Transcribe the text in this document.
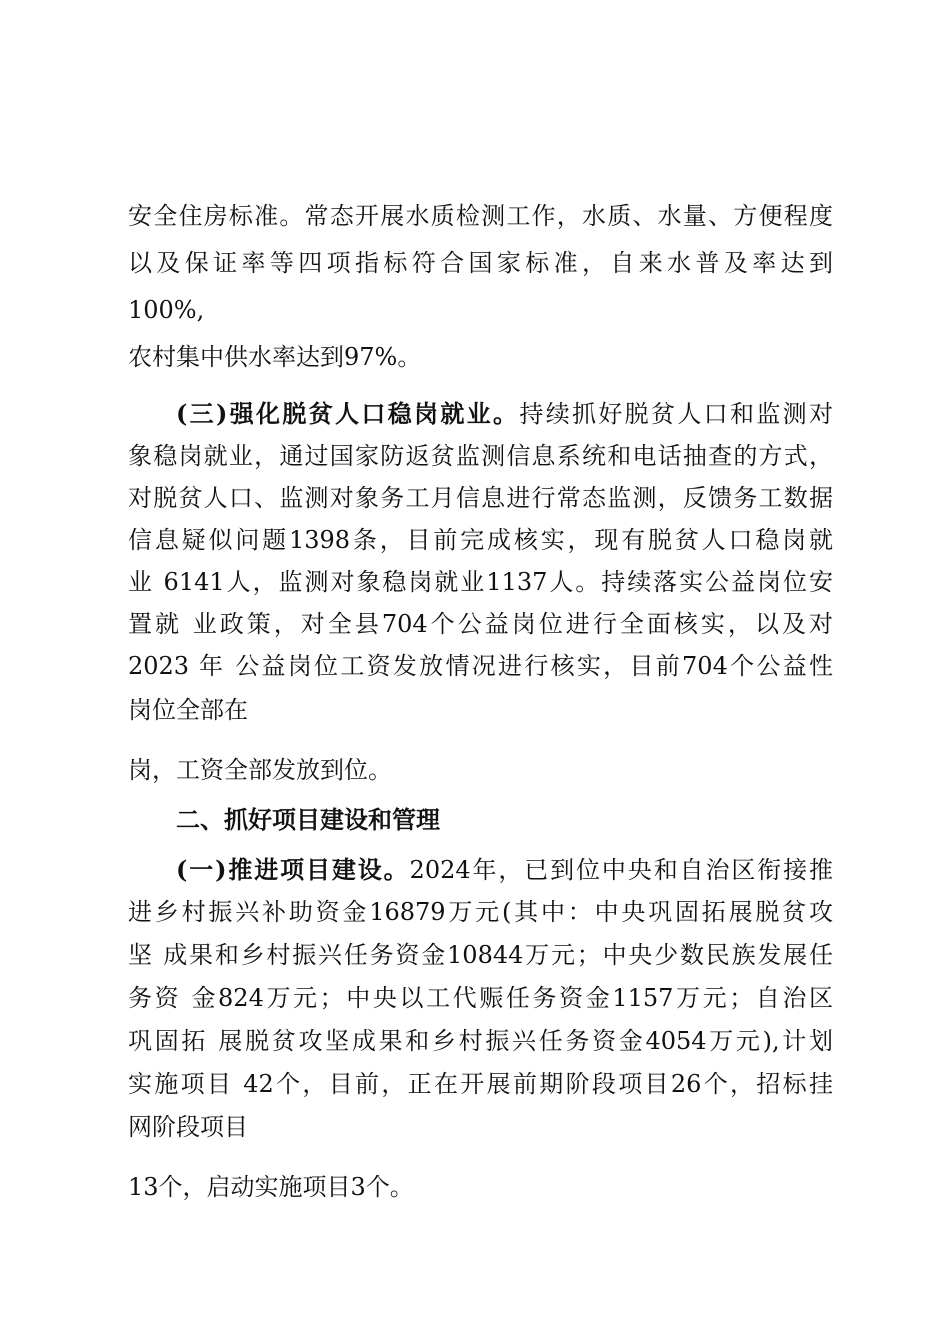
安全住房标准。常态开展水质检测工作，水质、水量、方便程度
以及保证率等四项指标符合国家标准，自来水普及率达到
100%,
农村集中供水率达到97%。
(三)强化脱贫人口稳岗就业。持续抓好脱贫人口和监测对
象稳岗就业，通过国家防返贫监测信息系统和电话抽查的方式，
对脱贫人口、监测对象务工月信息进行常态监测，反馈务工数据
信息疑似问题1398条，目前完成核实，现有脱贫人口稳岗就
业 6141人，监测对象稳岗就业1137人。持续落实公益岗位安
置就 业政策，对全县704个公益岗位进行全面核实，以及对
2023 年 公益岗位工资发放情况进行核实，目前704个公益性
岗位全部在
岗，工资全部发放到位。
二、抓好项目建设和管理
(一)推进项目建设。2024年，已到位中央和自治区衔接推
进乡村振兴补助资金16879万元(其中：中央巩固拓展脱贫攻
坚 成果和乡村振兴任务资金10844万元；中央少数民族发展任
务资 金824万元；中央以工代赈任务资金1157万元；自治区
巩固拓 展脱贫攻坚成果和乡村振兴任务资金4054万元),计划
实施项目 42个，目前，正在开展前期阶段项目26个，招标挂
网阶段项目
13个，启动实施项目3个。
